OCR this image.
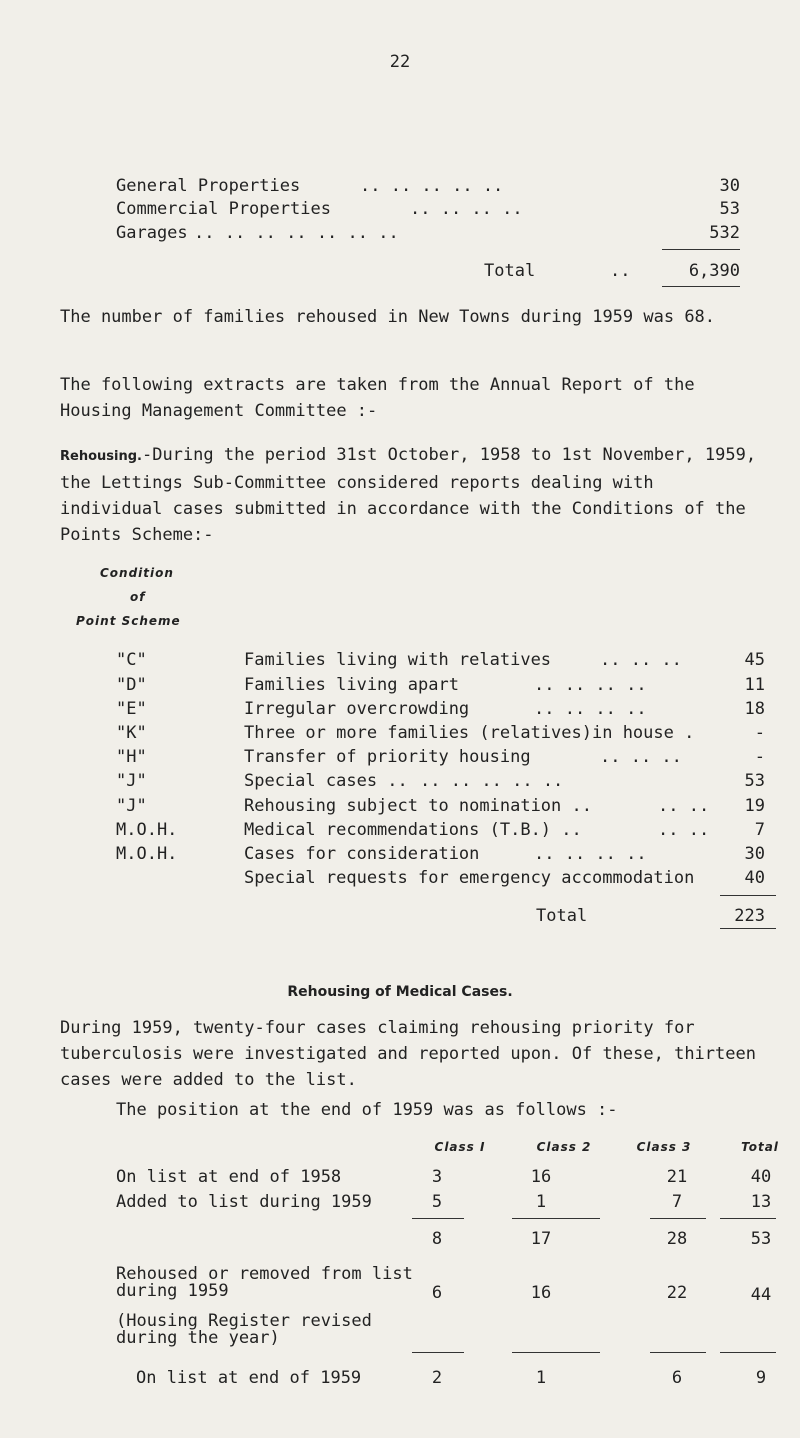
22
General Properties	.. .. .. .. ..	30
Commercial Properties	.. .. .. ..	53
Garages .. .. .. .. .. .. ..	532
Total	..	6,390
The number of families rehoused in New Towns during 1959 was 68.
The following extracts are taken from the Annual Report of the Housing Management Committee :-
Rehousing.-During the period 31st October, 1958 to 1st November, 1959, the Lettings Sub-Committee considered reports dealing with individual cases submitted in accordance with the Conditions of the Points Scheme:-
Condition
of
Point Scheme
"C"	Families living with relatives	.. .. ..	45
"D"	Families living apart	.. .. .. ..	11
"E"	Irregular overcrowding	.. .. .. ..	18
"K"	Three or more families (relatives)in house .	-
"H"	Transfer of priority housing	.. .. ..	-
"J"	Special cases .. .. .. .. .. ..	53
"J"	Rehousing subject to nomination ..	.. ..	19
M.O.H.	Medical recommendations (T.B.) ..	.. ..	7
M.O.H.	Cases for consideration	.. .. .. ..	30
Special requests for emergency accommodation	40
Total	223
Rehousing of Medical Cases.
During 1959, twenty-four cases claiming rehousing priority for tuberculosis were investigated and reported upon. Of these, thirteen cases were added to the list.
The position at the end of 1959 was as follows :-
Class I	Class 2	Class 3	Total
On list at end of 1958	3	16	21	40
Added to list during 1959	5	1	7	13
8	17	28	53
Rehoused or removed from list
during 1959	6	16	22	44
(Housing Register revised
during the year)
On list at end of 1959	2	1	6	9
